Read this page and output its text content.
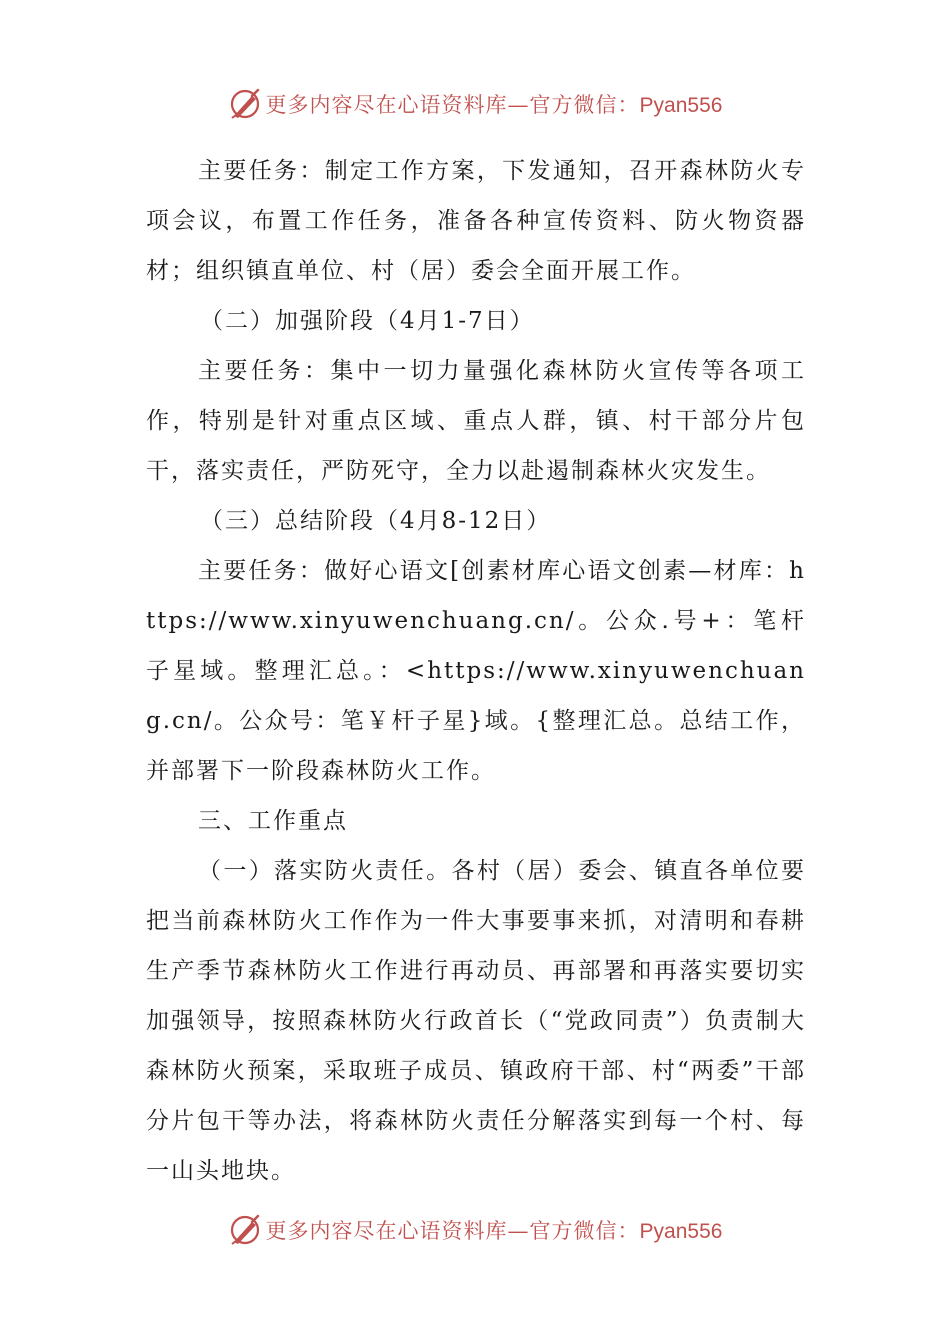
更多内容尽在心语资料库—官方微信：Pyan556

主要任务：制定工作方案，下发通知，召开森林防火专项会议，布置工作任务，准备各种宣传资料、防火物资器材；组织镇直单位、村（居）委会全面开展工作。

（二）加强阶段（4月1-7日）

主要任务：集中一切力量强化森林防火宣传等各项工作，特别是针对重点区域、重点人群，镇、村干部分片包干，落实责任，严防死守，全力以赴遏制森林火灾发生。

（三）总结阶段（4月8-12日）

主要任务：做好心语文[创素材库心语文创素—材库：https://www.xinyuwenchuang.cn/。公众.号+：笔杆子星域。整理汇总。：<https://www.xinyuwenchuang.cn/。公众号：笔￥杆子星}域。{整理汇总。总结工作，并部署下一阶段森林防火工作。

三、工作重点

（一）落实防火责任。各村（居）委会、镇直各单位要把当前森林防火工作作为一件大事要事来抓，对清明和春耕生产季节森林防火工作进行再动员、再部署和再落实要切实加强领导，按照森林防火行政首长（“党政同责”）负责制大森林防火预案，采取班子成员、镇政府干部、村“两委”干部分片包干等办法，将森林防火责任分解落实到每一个村、每一山头地块。

更多内容尽在心语资料库—官方微信：Pyan556
